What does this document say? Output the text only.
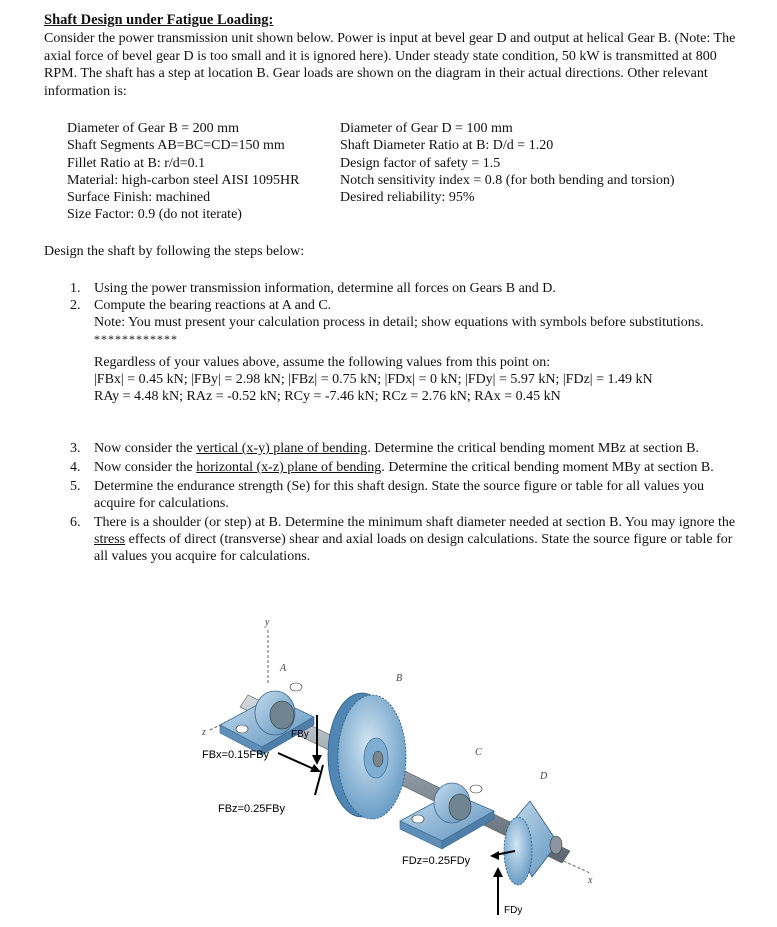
Shaft Design under Fatigue Loading:
Consider the power transmission unit shown below. Power is input at bevel gear D and output at helical Gear B. (Note: The axial force of bevel gear D is too small and it is ignored here). Under steady state condition, 50 kW is transmitted at 800 RPM. The shaft has a step at location B. Gear loads are shown on the diagram in their actual directions. Other relevant information is:
Diameter of Gear B = 200 mm
Shaft Segments AB=BC=CD=150 mm
Fillet Ratio at B: r/d=0.1
Material: high-carbon steel AISI 1095HR
Surface Finish: machined
Size Factor: 0.9 (do not iterate)
Diameter of Gear D = 100 mm
Shaft Diameter Ratio at B: D/d = 1.20
Design factor of safety = 1.5
Notch sensitivity index = 0.8 (for both bending and torsion)
Desired reliability: 95%
Design the shaft by following the steps below:
1. Using the power transmission information, determine all forces on Gears B and D.
2. Compute the bearing reactions at A and C.
Note: You must present your calculation process in detail; show equations with symbols before substitutions.
************
Regardless of your values above, assume the following values from this point on:
|FBx| = 0.45 kN; |FBy| = 2.98 kN; |FBz| = 0.75 kN; |FDx| = 0 kN; |FDy| = 5.97 kN; |FDz| = 1.49 kN
RAy = 4.48 kN; RAz = -0.52 kN; RCy = -7.46 kN; RCz = 2.76 kN; RAx = 0.45 kN
3. Now consider the vertical (x-y) plane of bending. Determine the critical bending moment MBz at section B.
4. Now consider the horizontal (x-z) plane of bending. Determine the critical bending moment MBy at section B.
5. Determine the endurance strength (Se) for this shaft design. State the source figure or table for all values you acquire for calculations.
6. There is a shoulder (or step) at B. Determine the minimum shaft diameter needed at section B. You may ignore the stress effects of direct (transverse) shear and axial loads on design calculations. State the source figure or table for all values you acquire for calculations.
y
z
x
A
B
C
D
FBy
FBx=0.15FBy
FBz=0.25FBy
FDz=0.25FDy
FDy
